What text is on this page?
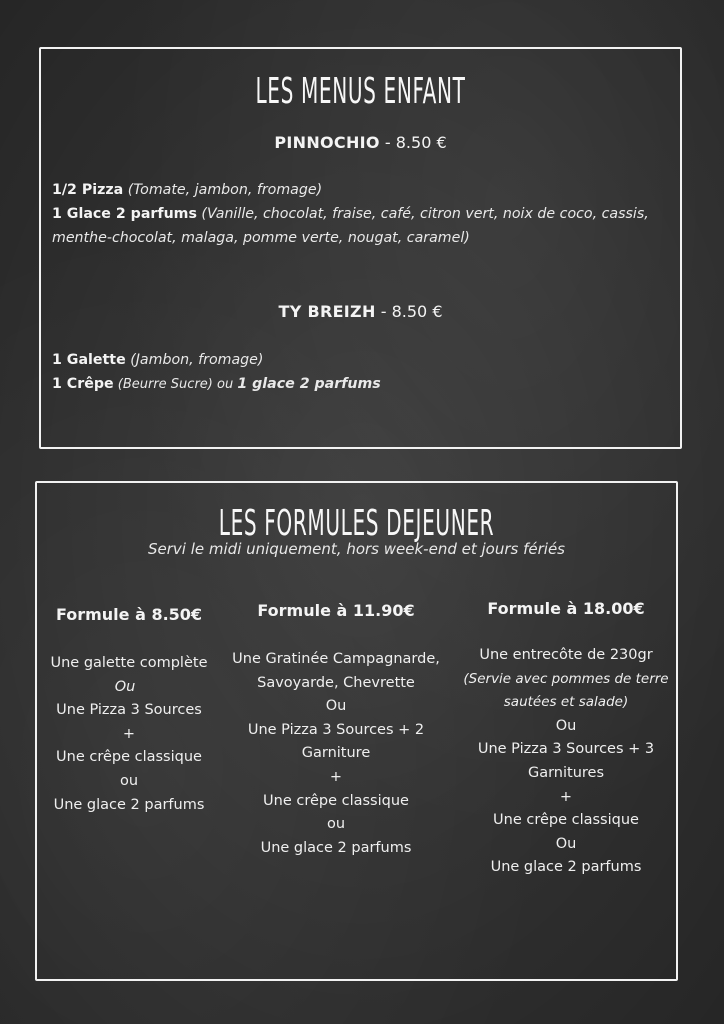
LES MENUS ENFANT
PINNOCHIO - 8.50 €
1/2 Pizza (Tomate, jambon, fromage)
1 Glace 2 parfums (Vanille, chocolat, fraise, café, citron vert, noix de coco, cassis,
menthe-chocolat, malaga, pomme verte, nougat, caramel)
TY BREIZH - 8.50 €
1 Galette (Jambon, fromage)
1 Crêpe (Beurre Sucre) ou 1 glace 2 parfums
LES FORMULES DEJEUNER
Servi le midi uniquement, hors week-end et jours fériés
Formule à 8.50€
Une galette complète
Ou
Une Pizza 3 Sources
+
Une crêpe classique
ou
Une glace 2 parfums
Formule à 11.90€
Une Gratinée Campagnarde,
Savoyarde, Chevrette
Ou
Une Pizza 3 Sources + 2
Garniture
+
Une crêpe classique
ou
Une glace 2 parfums
Formule à 18.00€
Une entrecôte de 230gr
(Servie avec pommes de terre
sautées et salade)
Ou
Une Pizza 3 Sources + 3
Garnitures
+
Une crêpe classique
Ou
Une glace 2 parfums
